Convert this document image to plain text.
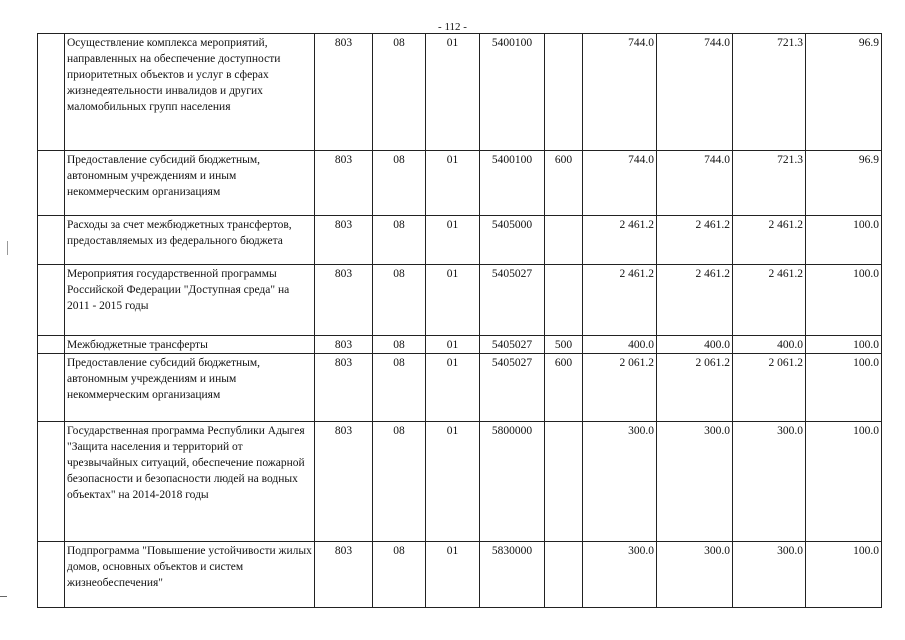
- 112 -
	Осуществление комплекса мероприятий, направленных на обеспечение доступности приоритетных объектов и услуг в сферах жизнедеятельности инвалидов и других маломобильных групп населения	803	08	01	5400100		744.0	744.0	721.3	96.9
	Предоставление субсидий бюджетным, автономным учреждениям и иным некоммерческим организациям	803	08	01	5400100	600	744.0	744.0	721.3	96.9
	Расходы за счет межбюджетных трансфертов, предоставляемых из федерального бюджета	803	08	01	5405000		2 461.2	2 461.2	2 461.2	100.0
	Мероприятия государственной программы Российской Федерации "Доступная среда" на 2011 - 2015 годы	803	08	01	5405027		2 461.2	2 461.2	2 461.2	100.0
	Межбюджетные трансферты	803	08	01	5405027	500	400.0	400.0	400.0	100.0
	Предоставление субсидий бюджетным, автономным учреждениям и иным некоммерческим организациям	803	08	01	5405027	600	2 061.2	2 061.2	2 061.2	100.0
	Государственная программа Республики Адыгея "Защита населения и территорий от чрезвычайных ситуаций, обеспечение пожарной безопасности и безопасности людей на водных объектах" на 2014-2018 годы	803	08	01	5800000		300.0	300.0	300.0	100.0
	Подпрограмма "Повышение устойчивости жилых домов, основных объектов и систем жизнеобеспечения"	803	08	01	5830000		300.0	300.0	300.0	100.0
